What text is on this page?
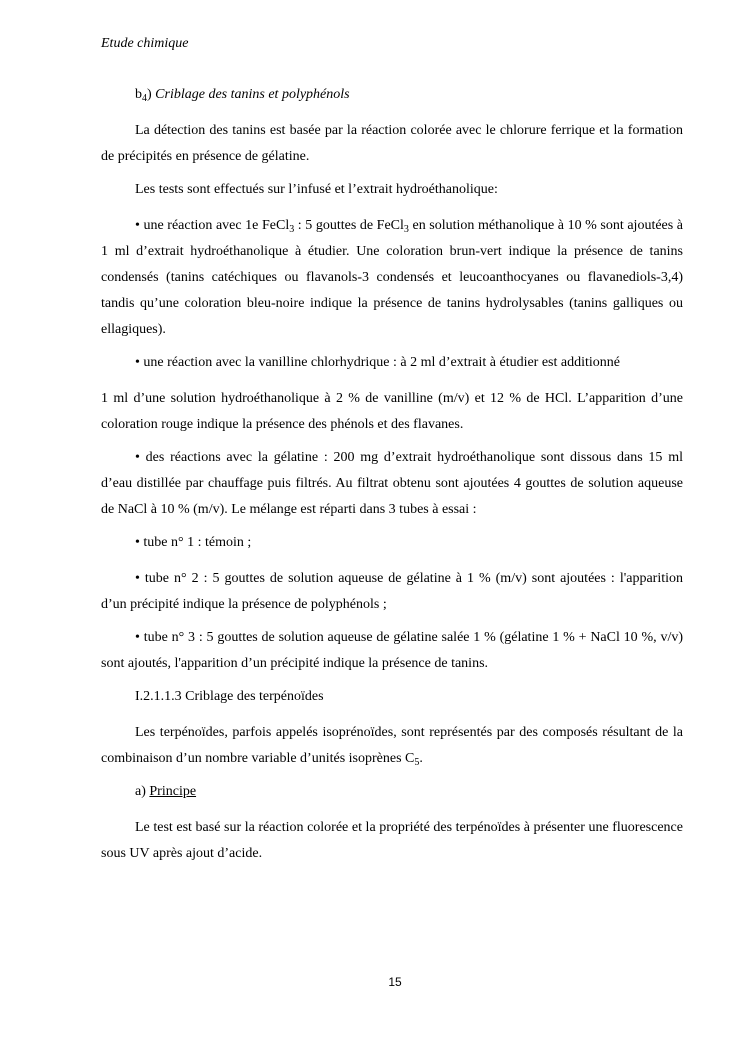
Etude chimique

$b_4$) Criblage des tanins et polyphénols

La détection des tanins est basée par la réaction colorée avec le chlorure ferrique et la formation de précipités en présence de gélatine.

Les tests sont effectués sur l’infusé et l’extrait hydroéthanolique:

• une réaction avec 1e FeCl$_3$ : 5 gouttes de FeCl$_3$ en solution méthanolique à 10 % sont ajoutées à 1 ml d’extrait hydroéthanolique à étudier. Une coloration brun-vert indique la présence de tanins condensés (tanins catéchiques ou flavanols-3 condensés et leucoanthocyanes ou flavanediols-3,4) tandis qu’une coloration bleu-noire indique la présence de tanins hydrolysables (tanins galliques ou ellagiques).

• une réaction avec la vanilline chlorhydrique : à 2 ml d’extrait à étudier est additionné

1 ml d’une solution hydroéthanolique à 2 % de vanilline (m/v) et 12 % de HCl. L’apparition d’une coloration rouge indique la présence des phénols et des flavanes.

• des réactions avec la gélatine : 200 mg d’extrait hydroéthanolique sont dissous dans 15 ml d’eau distillée par chauffage puis filtrés. Au filtrat obtenu sont ajoutées 4 gouttes de solution aqueuse de NaCl à 10 % (m/v). Le mélange est réparti dans 3 tubes à essai :

• tube n° 1 : témoin ;

• tube n° 2 : 5 gouttes de solution aqueuse de gélatine à 1 % (m/v) sont ajoutées : l'apparition d’un précipité indique la présence de polyphénols ;

• tube n° 3 : 5 gouttes de solution aqueuse de gélatine salée 1 % (gélatine 1 % + NaCl 10 %, v/v) sont ajoutés, l'apparition d’un précipité indique la présence de tanins.

I.2.1.1.3 Criblage des terpénoïdes

Les terpénoïdes, parfois appelés isopréno​ïdes, sont représentés par des composés résultant de la combinaison d’un nombre variable d’unités isoprènes $C_5$.

a) Principe

Le test est basé sur la réaction colorée et la propriété des terpénoïdes à présenter une fluorescence sous UV après ajout d’acide.

15
